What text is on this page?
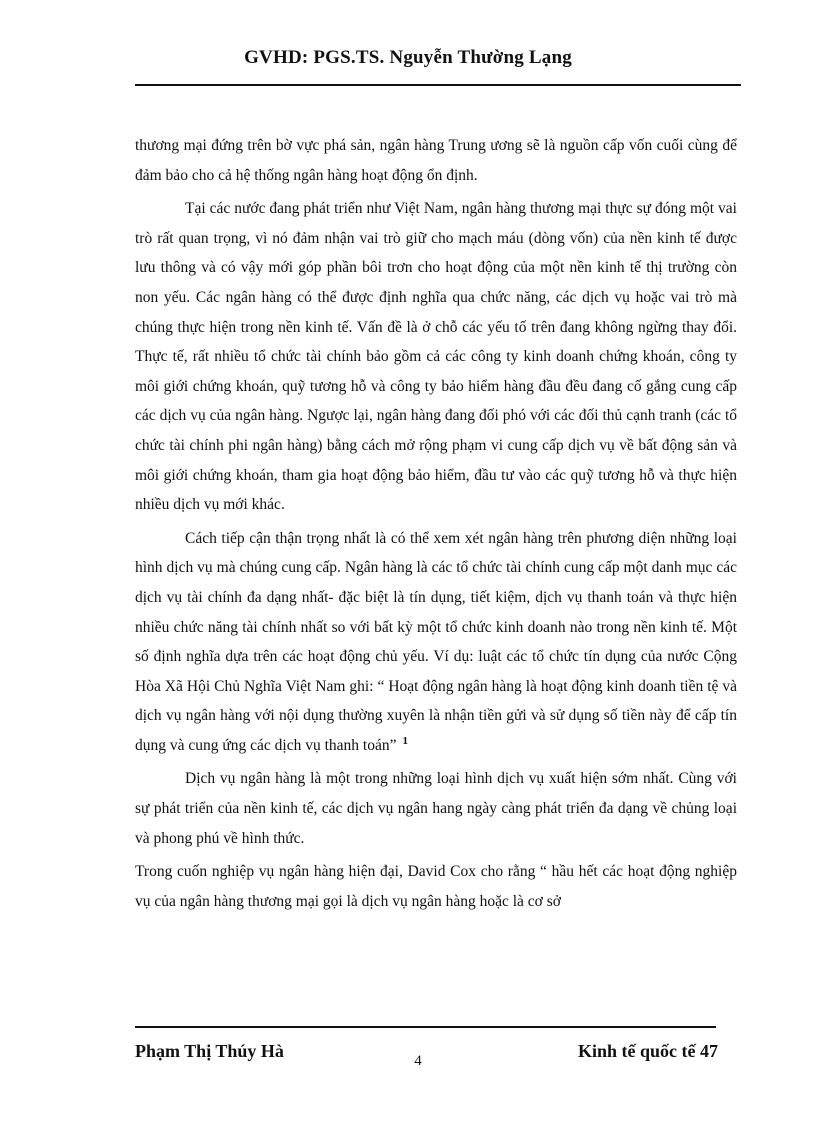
GVHD: PGS.TS. Nguyễn Thường Lạng

thương mại đứng trên bờ vực phá sản, ngân hàng Trung ương sẽ là nguồn cấp vốn cuối cùng để đảm bảo cho cả hệ thống ngân hàng hoạt động ổn định.

Tại các nước đang phát triển như Việt Nam, ngân hàng thương mại thực sự đóng một vai trò rất quan trọng, vì nó đảm nhận vai trò giữ cho mạch máu (dòng vốn) của nền kinh tế được lưu thông và có vậy mới góp phần bôi trơn cho hoạt động của một nền kinh tế thị trường còn non yếu. Các ngân hàng có thể được định nghĩa qua chức năng, các dịch vụ hoặc vai trò mà chúng thực hiện trong nền kinh tế. Vấn đề là ở chỗ các yếu tố trên đang không ngừng thay đổi. Thực tế, rất nhiều tổ chức tài chính bảo gồm cả các công ty kinh doanh chứng khoán, công ty môi giới chứng khoán, quỹ tương hỗ và công ty bảo hiểm hàng đầu đều đang cố gắng cung cấp các dịch vụ của ngân hàng. Ngược lại, ngân hàng đang đối phó với các đối thủ cạnh tranh (các tổ chức tài chính phi ngân hàng) bằng cách mở rộng phạm vi cung cấp dịch vụ về bất động sản và môi giới chứng khoán, tham gia hoạt động bảo hiểm, đầu tư vào các quỹ tương hỗ và thực hiện nhiều dịch vụ mới khác.

Cách tiếp cận thận trọng nhất là có thể xem xét ngân hàng trên phương diện những loại hình dịch vụ mà chúng cung cấp. Ngân hàng là các tổ chức tài chính cung cấp một danh mục các dịch vụ tài chính đa dạng nhất- đặc biệt là tín dụng, tiết kiệm, dịch vụ thanh toán và thực hiện nhiều chức năng tài chính nhất so với bất kỳ một tổ chức kinh doanh nào trong nền kinh tế. Một số định nghĩa dựa trên các hoạt động chủ yếu. Ví dụ: luật các tổ chức tín dụng của nước Cộng Hòa Xã Hội Chủ Nghĩa Việt Nam ghi: “ Hoạt động ngân hàng là hoạt động kinh doanh tiền tệ và dịch vụ ngân hàng với nội dụng thường xuyên là nhận tiền gửi và sử dụng số tiền này để cấp tín dụng và cung ứng các dịch vụ thanh toán” $^1$

Dịch vụ ngân hàng là một trong những loại hình dịch vụ xuất hiện sớm nhất. Cùng với sự phát triển của nền kinh tế, các dịch vụ ngân hang ngày càng phát triển đa dạng về chủng loại và phong phú về hình thức.

Trong cuốn nghiệp vụ ngân hàng hiện đại, David Cox cho rằng “ hầu hết các hoạt động nghiệp vụ của ngân hàng thương mại gọi là dịch vụ ngân hàng hoặc là cơ sở

Phạm Thị Thúy Hà	4	Kinh tế quốc tế 47
